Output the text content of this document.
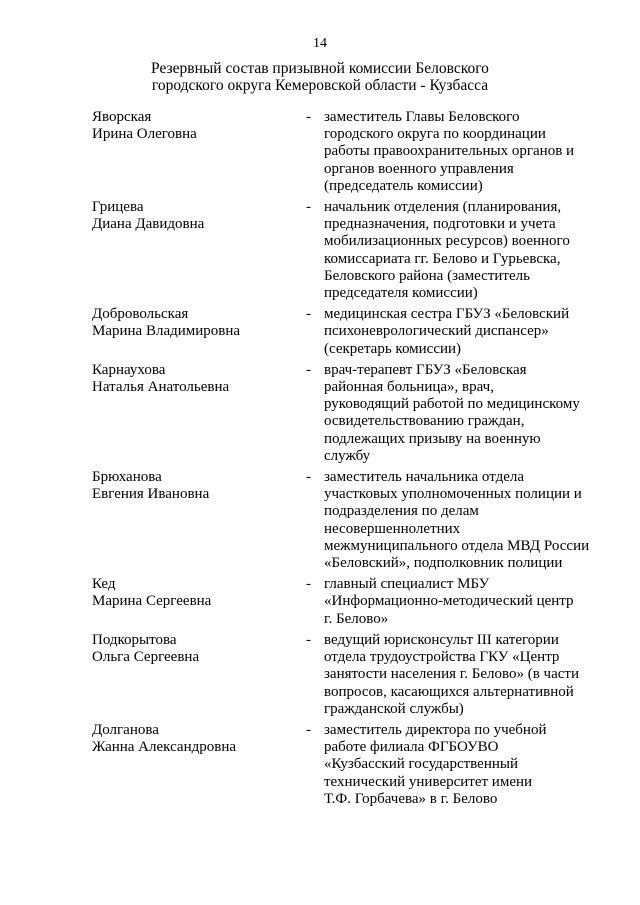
14
Резервный состав призывной комиссии Беловского
городского округа Кемеровской области - Кузбасса
Яворская
Ирина Олеговна
- заместитель Главы Беловского
городского округа по координации
работы правоохранительных органов и
органов военного управления
(председатель комиссии)
Грицева
Диана Давидовна
- начальник отделения (планирования,
предназначения, подготовки и учета
мобилизационных ресурсов) военного
комиссариата гг. Белово и Гурьевска,
Беловского района (заместитель
председателя комиссии)
Добровольская
Марина Владимировна
- медицинская сестра ГБУЗ «Беловский
психоневрологический диспансер»
(секретарь комиссии)
Карнаухова
Наталья Анатольевна
- врач-терапевт ГБУЗ «Беловская
районная больница», врач,
руководящий работой по медицинскому
освидетельствованию граждан,
подлежащих призыву на военную
службу
Брюханова
Евгения Ивановна
- заместитель начальника отдела
участковых уполномоченных полиции и
подразделения по делам
несовершеннолетних
межмуниципального отдела МВД России
«Беловский», подполковник полиции
Кед
Марина Сергеевна
- главный специалист МБУ
«Информационно-методический центр
г. Белово»
Подкорытова
Ольга Сергеевна
- ведущий юрисконсульт III категории
отдела трудоустройства ГКУ «Центр
занятости населения г. Белово» (в части
вопросов, касающихся альтернативной
гражданской службы)
Долганова
Жанна Александровна
- заместитель директора по учебной
работе филиала ФГБОУВО
«Кузбасский государственный
технический университет имени
Т.Ф. Горбачева» в г. Белово
